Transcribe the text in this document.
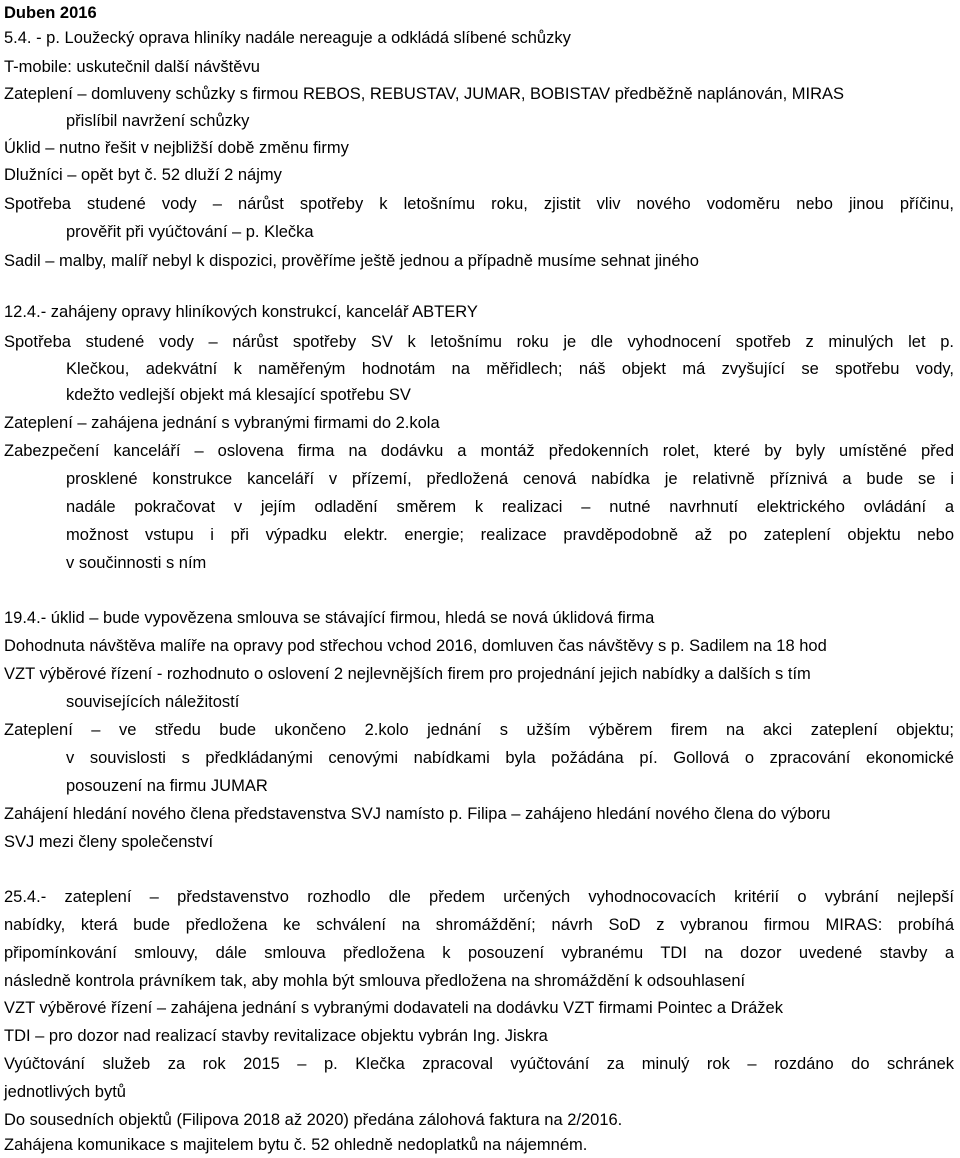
Duben 2016
5.4. - p. Loužecký oprava hliníky nadále nereaguje a odkládá slíbené schůzky
T-mobile: uskutečnil další návštěvu
Zateplení – domluveny schůzky s firmou REBOS, REBUSTAV, JUMAR, BOBISTAV předběžně naplánován, MIRAS
přislíbil navržení schůzky
Úklid – nutno řešit v nejbližší době změnu firmy
Dlužníci – opět byt č. 52 dluží 2 nájmy
Spotřeba studené vody – nárůst spotřeby k letošnímu roku, zjistit vliv nového vodoměru nebo jinou příčinu,
prověřit při vyúčtování – p. Klečka
Sadil – malby, malíř nebyl k dispozici, prověříme ještě jednou a případně musíme sehnat jiného
12.4.- zahájeny opravy hliníkových konstrukcí, kancelář ABTERY
Spotřeba studené vody – nárůst spotřeby SV k letošnímu roku je dle vyhodnocení spotřeb z minulých let p.
Klečkou, adekvátní k naměřeným hodnotám na měřidlech; náš objekt má zvyšující se spotřebu vody,
kdežto vedlejší objekt má klesající spotřebu SV
Zateplení – zahájena jednání s vybranými firmami do 2.kola
Zabezpečení kanceláří – oslovena firma na dodávku a montáž předokenních rolet, které by byly umístěné před
prosklené konstrukce kanceláří v přízemí, předložená cenová nabídka je relativně příznivá a bude se i
nadále pokračovat v jejím odladění směrem k realizaci – nutné navrhnutí elektrického ovládání a
možnost vstupu i při výpadku elektr. energie; realizace pravděpodobně až po zateplení objektu nebo
v součinnosti s ním
19.4.- úklid – bude vypovězena smlouva se stávající firmou, hledá se nová úklidová firma
Dohodnuta návštěva malíře na opravy pod střechou vchod 2016, domluven čas návštěvy s p. Sadilem na 18 hod
VZT výběrové řízení - rozhodnuto o oslovení 2 nejlevnějších firem pro projednání jejich nabídky a dalších s tím
souvisejících náležitostí
Zateplení – ve středu bude ukončeno 2.kolo jednání s užším výběrem firem na akci zateplení objektu;
v souvislosti s předkládanými cenovými nabídkami byla požádána pí. Gollová o zpracování ekonomické
posouzení na firmu JUMAR
Zahájení hledání nového člena představenstva SVJ namísto p. Filipa – zahájeno hledání nového člena do výboru
SVJ mezi členy společenství
25.4.- zateplení – představenstvo rozhodlo dle předem určených vyhodnocovacích kritérií o vybrání nejlepší
nabídky, která bude předložena ke schválení na shromáždění; návrh SoD z vybranou firmou MIRAS: probíhá
připomínkování smlouvy, dále smlouva předložena k posouzení vybranému TDI na dozor uvedené stavby a
následně kontrola právníkem tak, aby mohla být smlouva předložena na shromáždění k odsouhlasení
VZT výběrové řízení – zahájena jednání s vybranými dodavateli na dodávku VZT firmami Pointec a Drážek
TDI – pro dozor nad realizací stavby revitalizace objektu vybrán Ing. Jiskra
Vyúčtování služeb za rok 2015 – p. Klečka zpracoval vyúčtování za minulý rok – rozdáno do schránek
jednotlivých bytů
Do sousedních objektů (Filipova 2018 až 2020) předána zálohová faktura na 2/2016.
Zahájena komunikace s majitelem bytu č. 52 ohledně nedoplatků na nájemném.
